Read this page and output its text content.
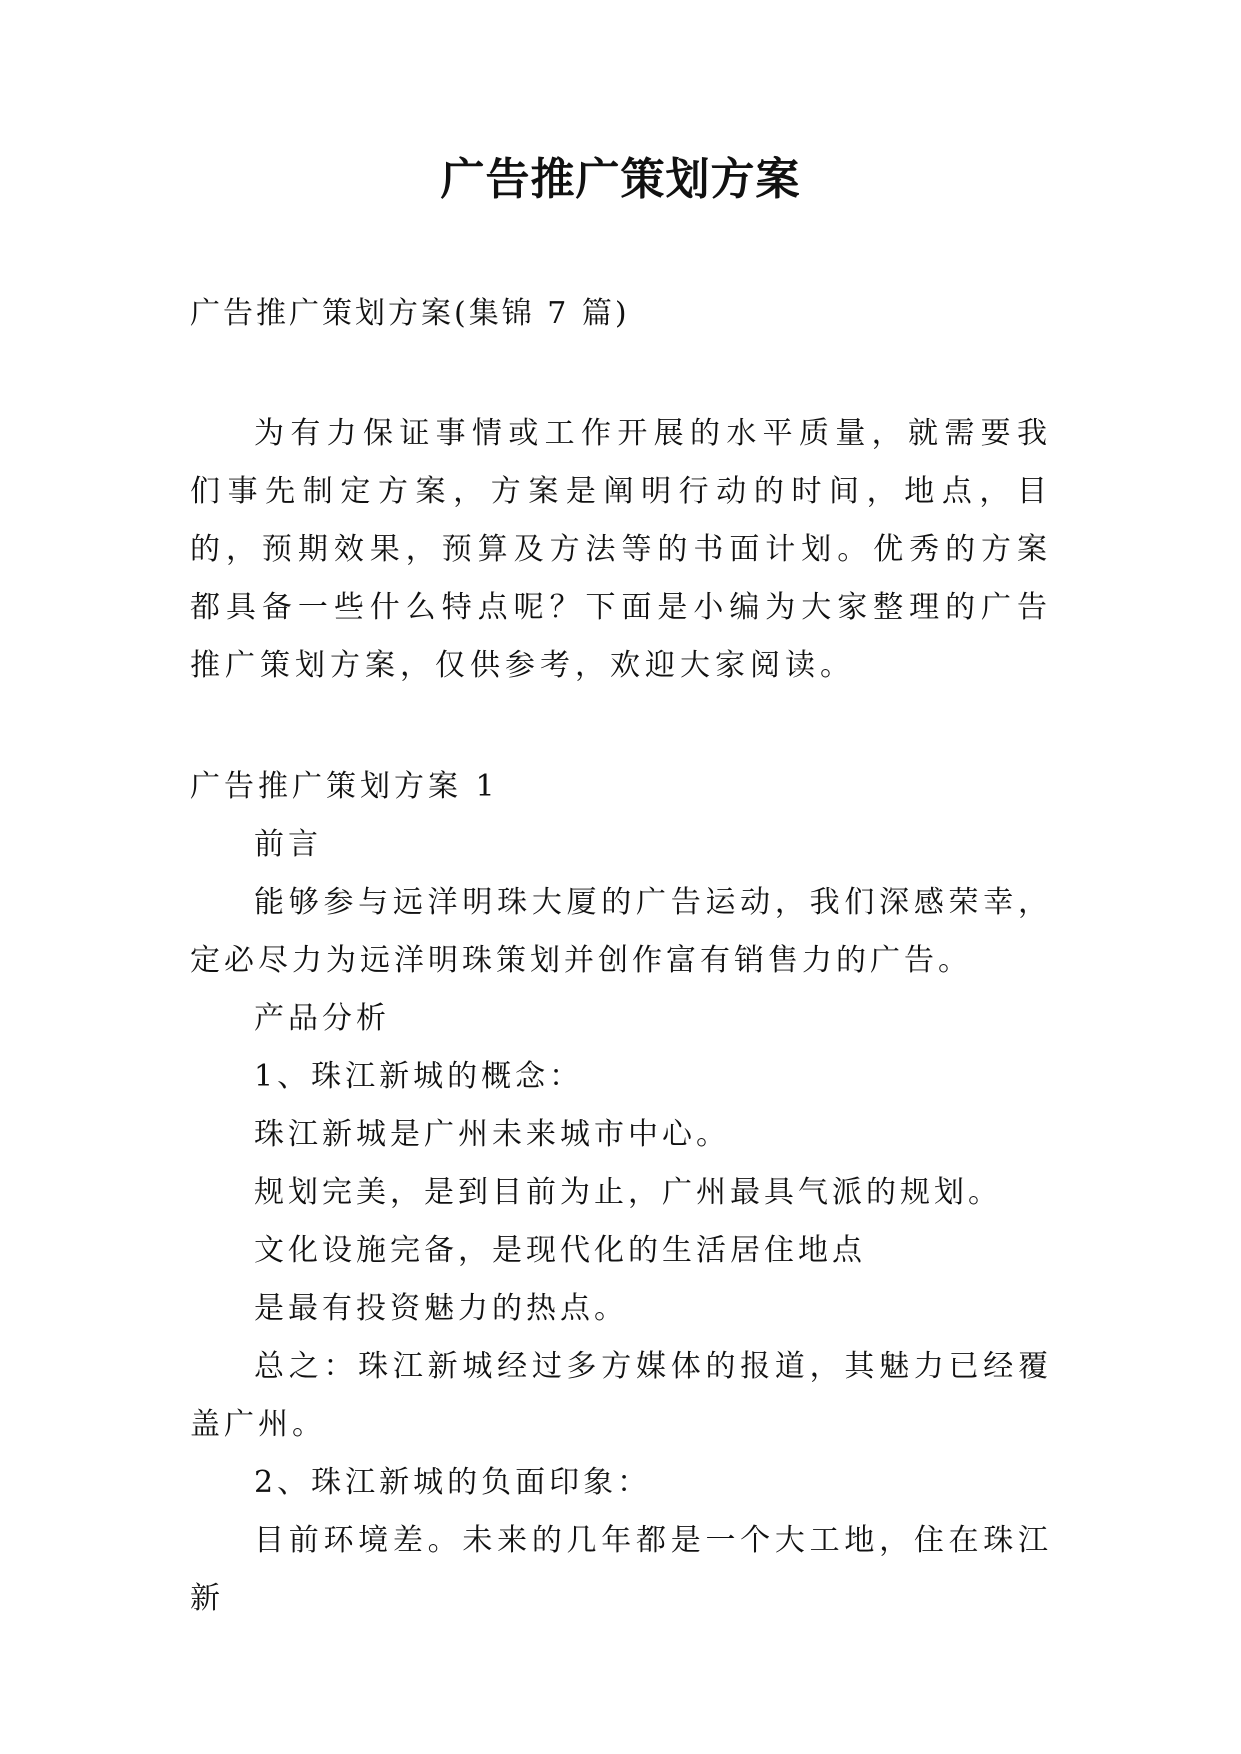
广告推广策划方案
广告推广策划方案(集锦 7 篇)

为有力保证事情或工作开展的水平质量，就需要我们事先制定方案，方案是阐明行动的时间，地点，目的，预期效果，预算及方法等的书面计划。优秀的方案都具备一些什么特点呢？下面是小编为大家整理的广告推广策划方案，仅供参考，欢迎大家阅读。

广告推广策划方案 1

前言

能够参与远洋明珠大厦的广告运动，我们深感荣幸，定必尽力为远洋明珠策划并创作富有销售力的广告。

产品分析

1、珠江新城的概念：

珠江新城是广州未来城市中心。

规划完美，是到目前为止，广州最具气派的规划。

文化设施完备，是现代化的生活居住地点

是最有投资魅力的热点。

总之：珠江新城经过多方媒体的报道，其魅力已经覆盖广州。

2、珠江新城的负面印象：

目前环境差。未来的几年都是一个大工地，住在珠江新
